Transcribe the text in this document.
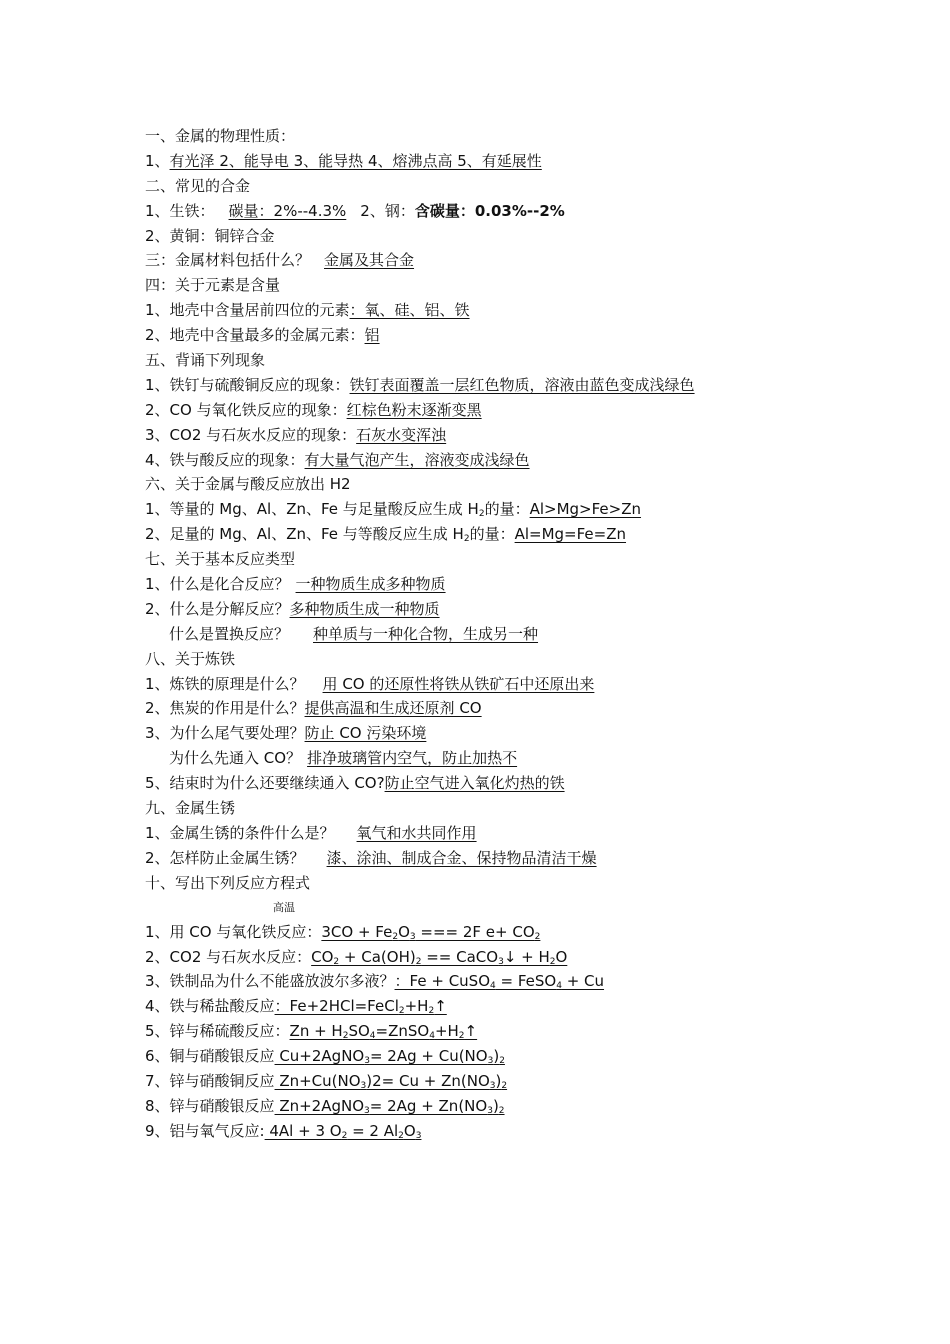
一、金属的物理性质：
1、有光泽 2、能导电 3、能导热 4、熔沸点高 5、有延展性
二、常见的合金
1、生铁： 碳量：2%--4.3% 2、钢：含碳量：0.03%--2%
2、黄铜：铜锌合金
三：金属材料包括什么？ 金属及其合金
四：关于元素是含量
1、地壳中含量居前四位的元素：氧、硅、铝、铁
2、地壳中含量最多的金属元素：铝
五、背诵下列现象
1、铁钉与硫酸铜反应的现象：铁钉表面覆盖一层红色物质，溶液由蓝色变成浅绿色
2、CO 与氧化铁反应的现象：红棕色粉末逐渐变黑
3、CO2 与石灰水反应的现象：石灰水变浑浊
4、铁与酸反应的现象：有大量气泡产生，溶液变成浅绿色
六、关于金属与酸反应放出 H2
1、等量的 Mg、Al、Zn、Fe 与足量酸反应生成 $H_2$的量：Al>Mg>Fe>Zn
2、足量的 Mg、Al、Zn、Fe 与等酸反应生成 $H_2$的量：Al=Mg=Fe=Zn
七、关于基本反应类型
1、什么是化合反应？ 一种物质生成多种物质
2、什么是分解反应？多种物质生成一种物质
什么是置换反应？ 种单质与一种化合物，生成另一种
八、关于炼铁
1、炼铁的原理是什么？ 用 CO 的还原性将铁从铁矿石中还原出来
2、焦炭的作用是什么？提供高温和生成还原剂 CO
3、为什么尾气要处理？防止 CO 污染环境
为什么先通入 CO？ 排净玻璃管内空气，防止加热不
5、结束时为什么还要继续通入 CO?防止空气进入氧化灼热的铁
九、金属生锈
1、金属生锈的条件什么是？ 氧气和水共同作用
2、怎样防止金属生锈？ 漆、涂油、制成合金、保持物品清洁干燥
十、写出下列反应方程式
高温
1、用 CO 与氧化铁反应：$3CO + Fe_2O_3$ === 2F $e+ CO_2$
2、CO2 与石灰水反应：$CO_2 + Ca(OH)_2$ == CaCO$_3$↓ + $H_2O$
3、铁制品为什么不能盛放波尔多液？：Fe + CuSO$_4$ = FeSO$_4$ + Cu
4、铁与稀盐酸反应：$Fe+2HCl=FeCl_2+H_2↑$
5、锌与稀硫酸反应：$Zn + H_2SO_4=ZnSO_4+H_2↑$
6、铜与硝酸银反应 Cu+2AgNO$_3$= $2Ag + Cu(NO_3)_2$
7、锌与硝酸铜反应 $Zn+Cu(NO_3)2= Cu + Zn(NO_3)_2$
8、锌与硝酸银反应 Zn+2AgNO$_3$= $2Ag + Zn(NO_3)_2$
9、铝与氧气反应: 4Al + 3 $O_2 = 2$ $Al_2O_3$
